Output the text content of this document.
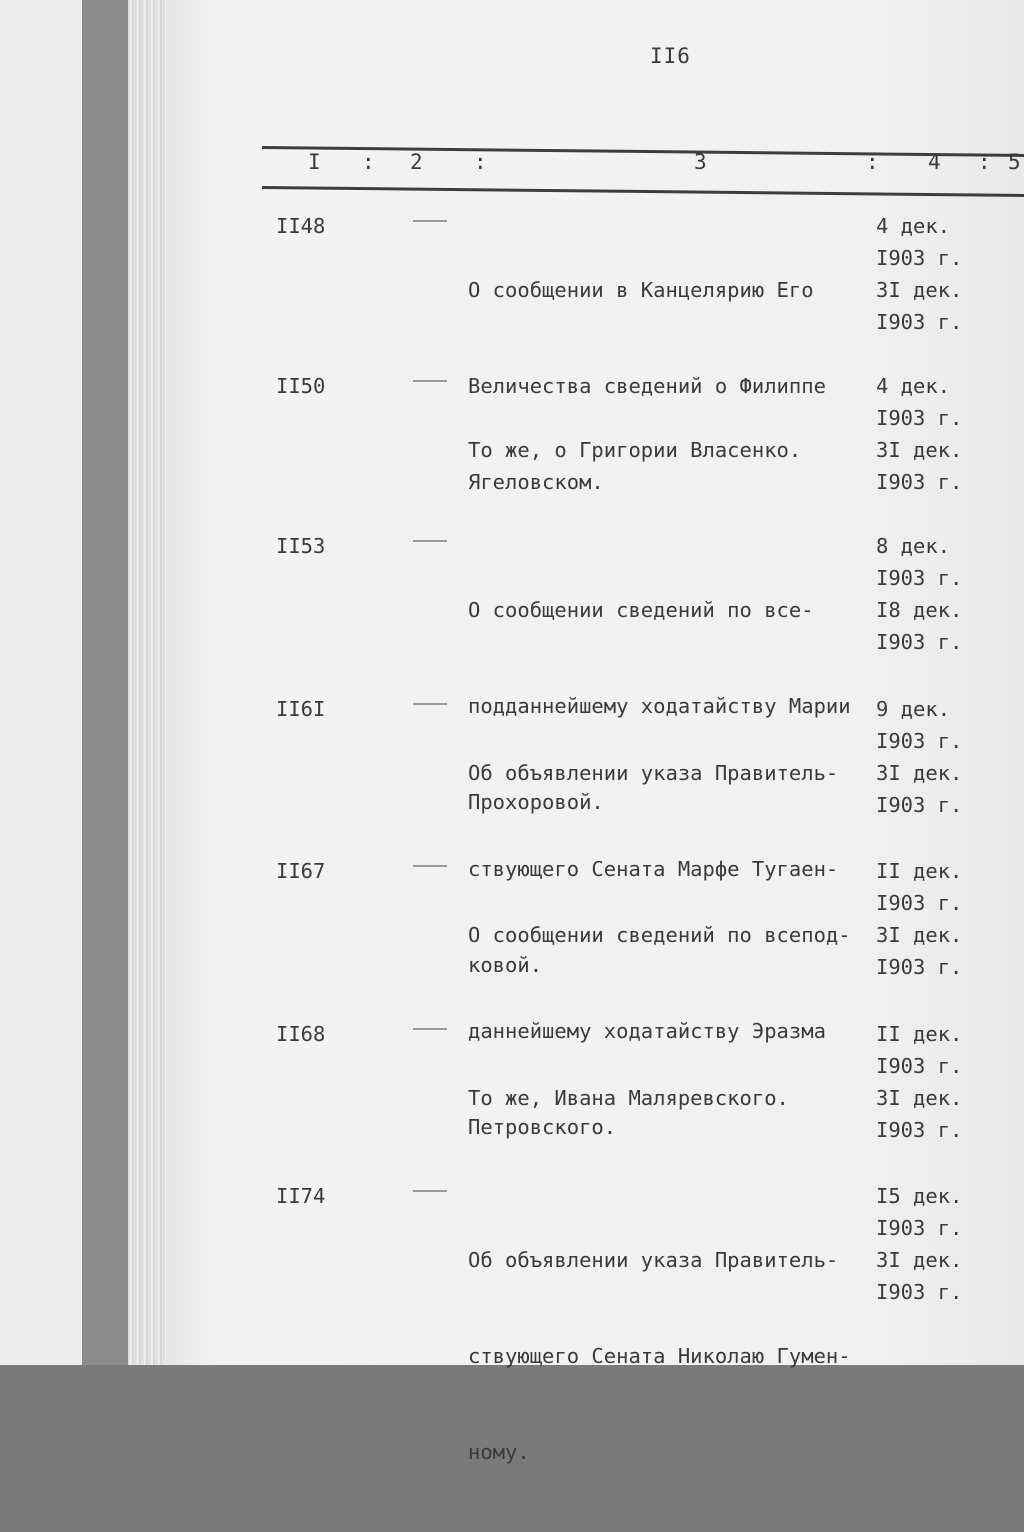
II6
I : 2 :	3	: 4 : 5
II48

О сообщении в Канцелярию Его

Величества сведений о Филиппе

Ягеловском.

4 дек.
I903 г.
3I дек.
I903 г.
II50

То же, о Григории Власенко.

4 дек.
I903 г.
3I дек.
I903 г.
II53

О сообщении сведений по все-

подданнейшему ходатайству Марии

Прохоровой.

8 дек.
I903 г.
I8 дек.
I903 г.
II6I

Об объявлении указа Правитель-

ствующего Сената Марфе Тугаен-

ковой.

9 дек.
I903 г.
3I дек.
I903 г.
II67

О сообщении сведений по всепод-

даннейшему ходатайству Эразма

Петровского.

II дек.
I903 г.
3I дек.
I903 г.
II68

То же, Ивана Маляревского.

II дек.
I903 г.
3I дек.
I903 г.
II74

Об объявлении указа Правитель-

ствующего Сената Николаю Гумен-

ному.

I5 дек.
I903 г.
3I дек.
I903 г.
